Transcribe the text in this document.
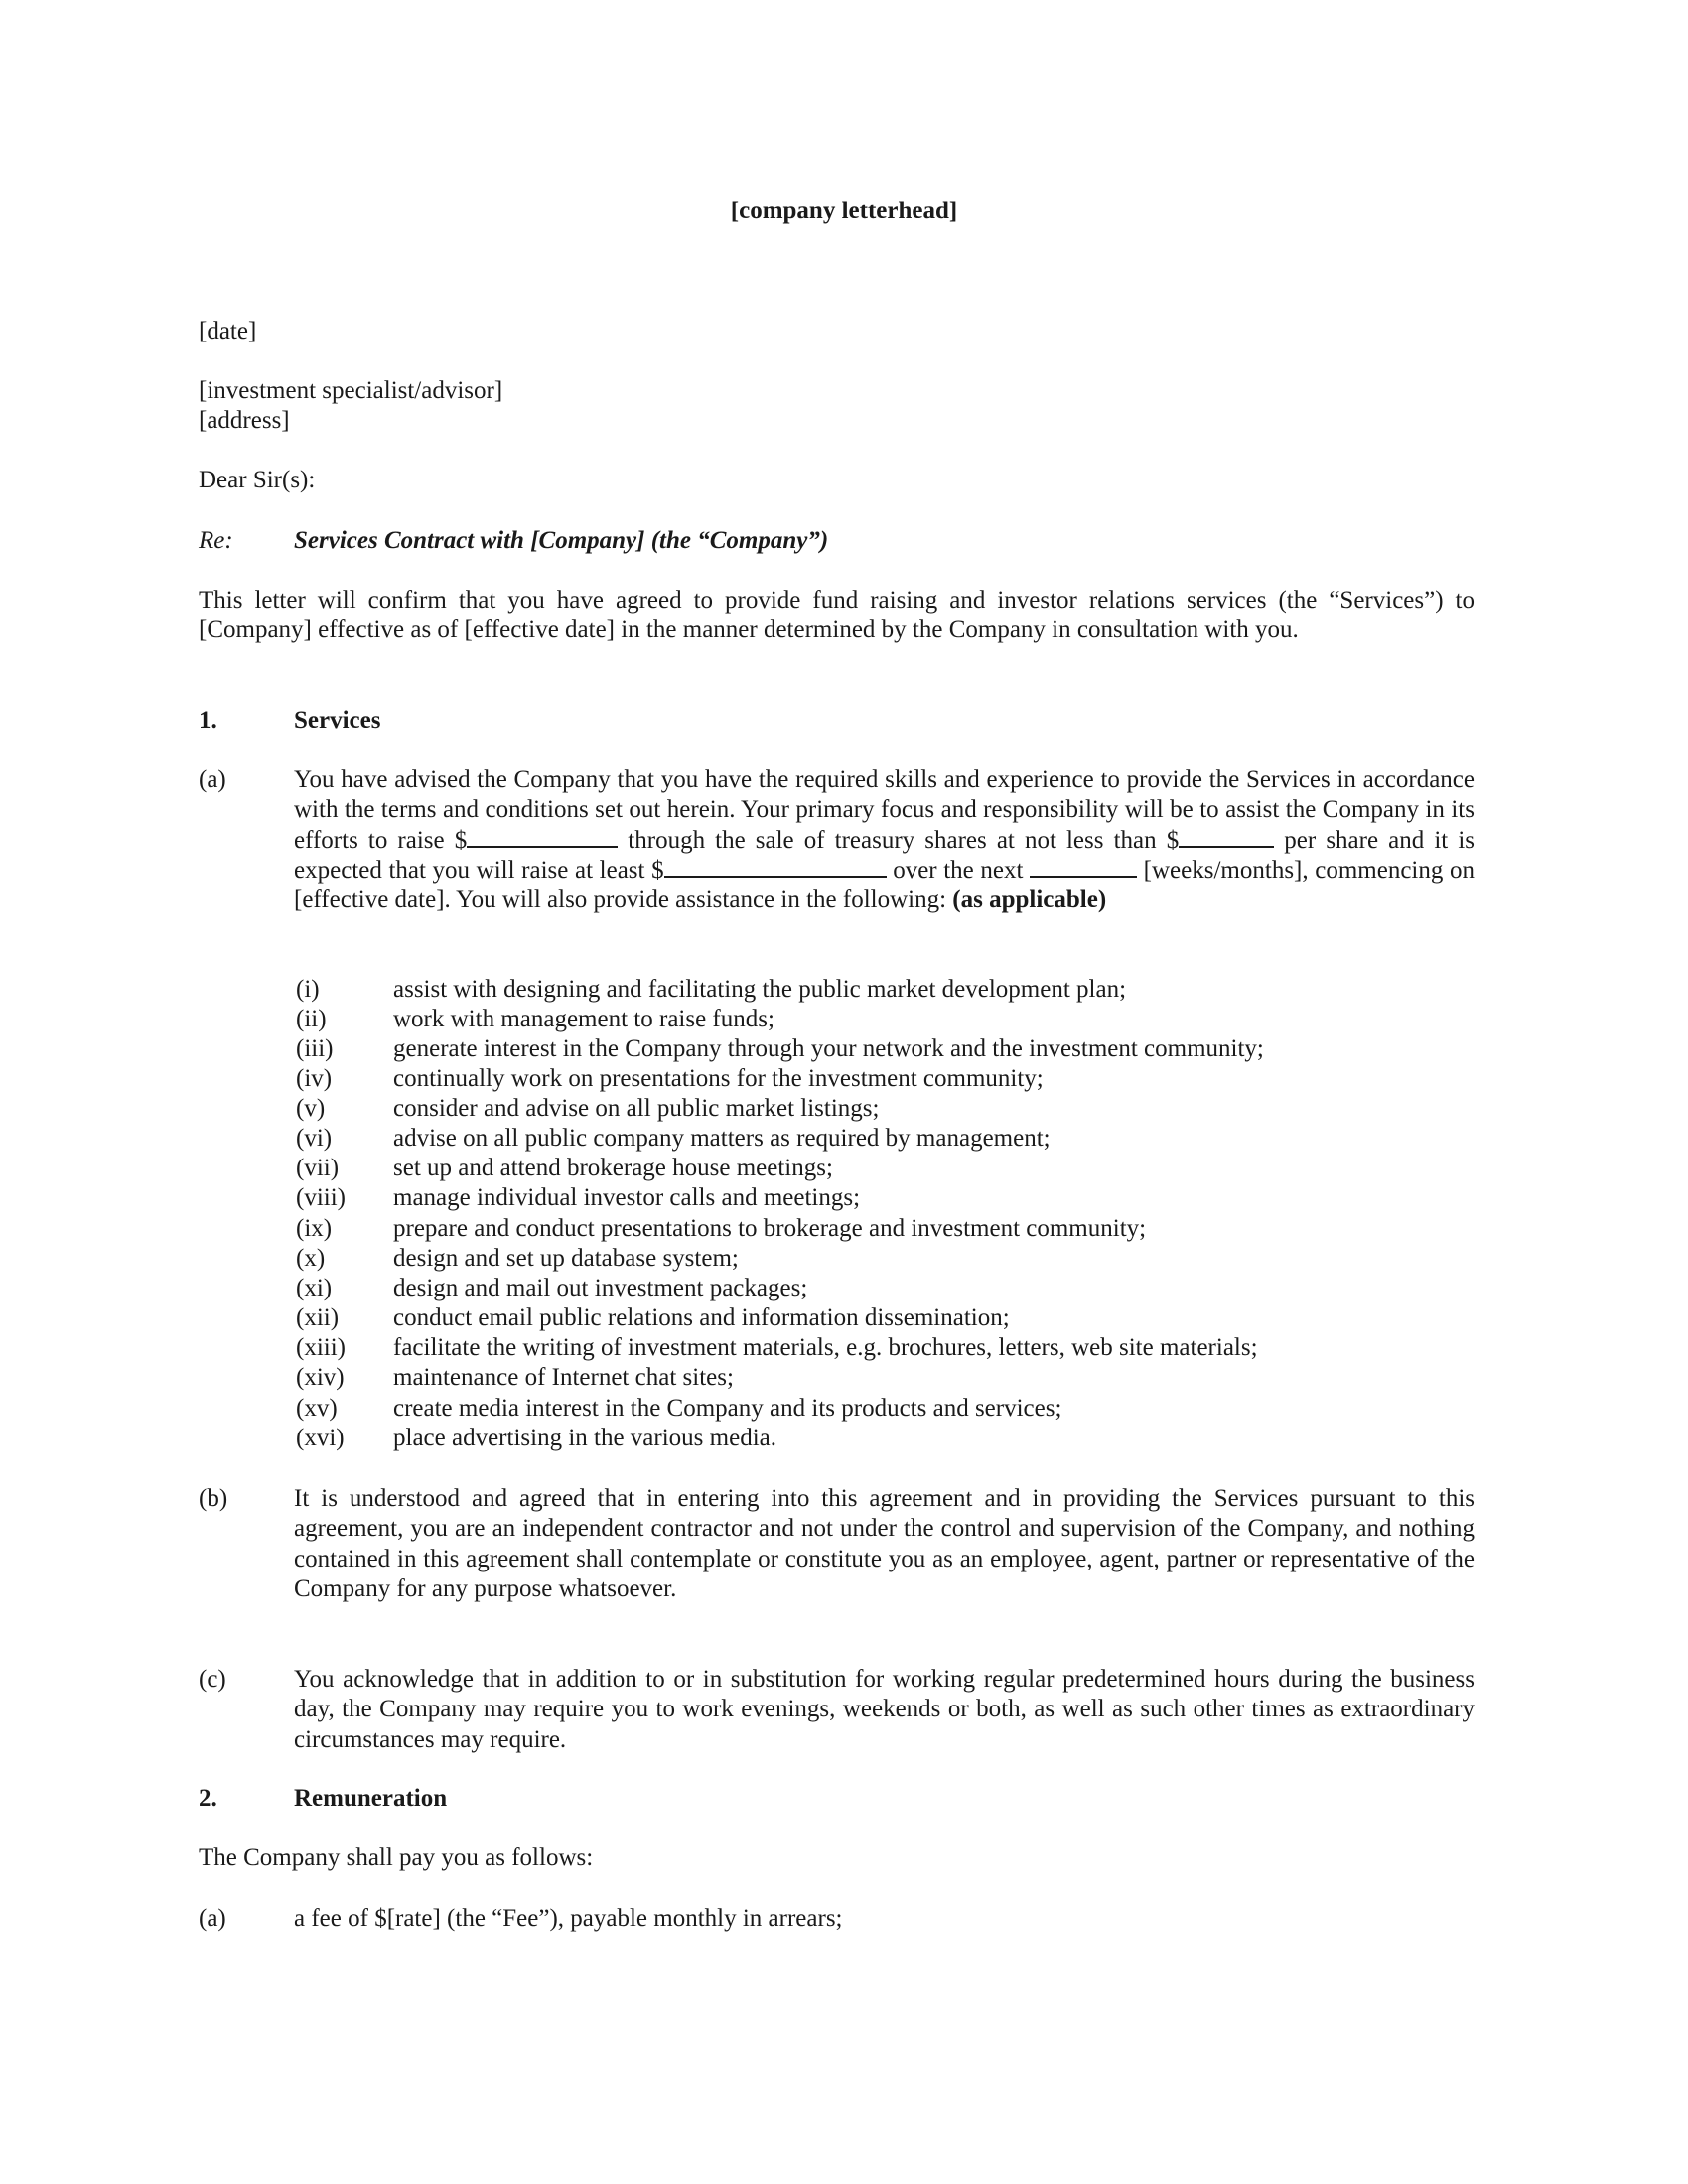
[company letterhead]
[date]
[investment specialist/advisor]
[address]
Dear Sir(s):
Re: Services Contract with [Company] (the “Company”)
This letter will confirm that you have agreed to provide fund raising and investor relations services (the “Services”) to [Company] effective as of [effective date] in the manner determined by the Company in consultation with you.
1.	Services
(a)	You have advised the Company that you have the required skills and experience to provide the Services in accordance with the terms and conditions set out herein. Your primary focus and responsibility will be to assist the Company in its efforts to raise $	through the sale of treasury shares at not less than $	per share and it is expected that you will raise at least $	over the next	[weeks/months], commencing on [effective date]. You will also provide assistance in the following: (as applicable)
(i)	assist with designing and facilitating the public market development plan;
(ii)	work with management to raise funds;
(iii) generate interest in the Company through your network and the investment community;
(iv) continually work on presentations for the investment community;
(v)	consider and advise on all public market listings;
(vi) advise on all public company matters as required by management;
(vii) set up and attend brokerage house meetings;
(viii) manage individual investor calls and meetings;
(ix) prepare and conduct presentations to brokerage and investment community;
(x)	design and set up database system;
(xi) design and mail out investment packages;
(xii) conduct email public relations and information dissemination;
(xiii) facilitate the writing of investment materials, e.g. brochures, letters, web site materials;
(xiv) maintenance of Internet chat sites;
(xv) create media interest in the Company and its products and services;
(xvi) place advertising in the various media.
(b)	It is understood and agreed that in entering into this agreement and in providing the Services pursuant to this agreement, you are an independent contractor and not under the control and supervision of the Company, and nothing contained in this agreement shall contemplate or constitute you as an employee, agent, partner or representative of the Company for any purpose whatsoever.
(c)	You acknowledge that in addition to or in substitution for working regular predetermined hours during the business day, the Company may require you to work evenings, weekends or both, as well as such other times as extraordinary circumstances may require.
2.	Remuneration
The Company shall pay you as follows:
(a)	a fee of $[rate] (the “Fee”), payable monthly in arrears;
